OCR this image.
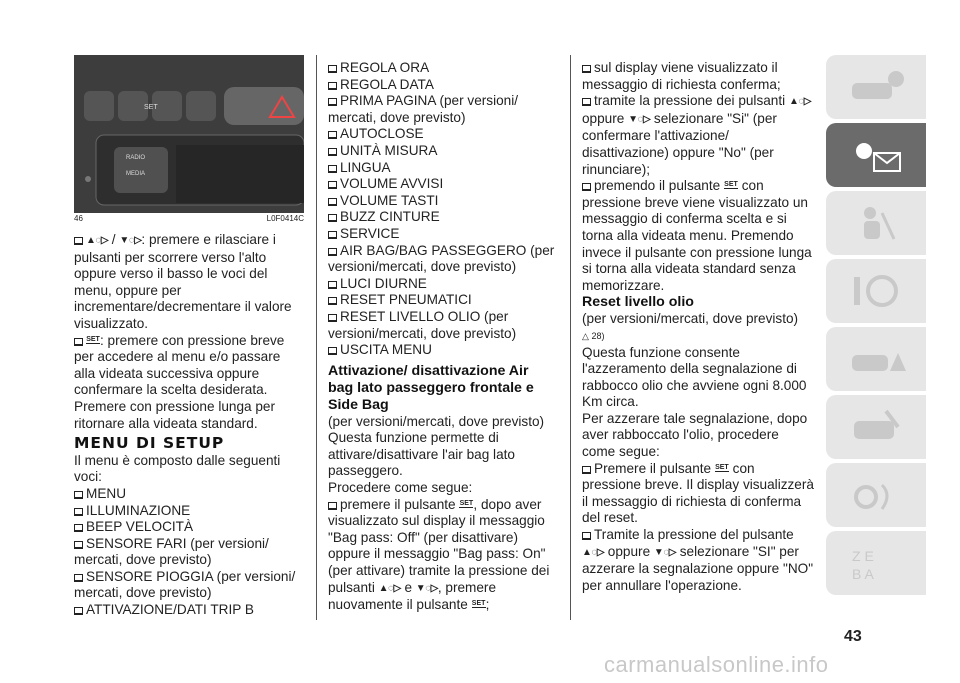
SET
RADIO
MEDIA
46	L0F0414C

▲◌▷ / ▼◌▷: premere e rilasciare i pulsanti per scorrere verso l'alto oppure verso il basso le voci del menu, oppure per incrementare/decrementare il valore visualizzato.

SET
: premere con pressione breve per accedere al menu e/o passare alla videata successiva oppure confermare la scelta desiderata. Premere con pressione lunga per ritornare alla videata standard.

MENU DI SETUP

Il menu è composto dalle seguenti voci:

MENU

ILLUMINAZIONE

BEEP VELOCITÀ

SENSORE FARI (per versioni/ mercati, dove previsto)

SENSORE PIOGGIA (per versioni/ mercati, dove previsto)

ATTIVAZIONE/DATI TRIP B

REGOLA ORA

REGOLA DATA

PRIMA PAGINA (per versioni/ mercati, dove previsto)

AUTOCLOSE

UNITÀ MISURA

LINGUA

VOLUME AVVISI

VOLUME TASTI

BUZZ CINTURE

SERVICE

AIR BAG/BAG PASSEGGERO (per versioni/mercati, dove previsto)

LUCI DIURNE

RESET PNEUMATICI

RESET LIVELLO OLIO (per versioni/mercati, dove previsto)

USCITA MENU

Attivazione/ disattivazione Air bag lato passeggero frontale e Side Bag

(per versioni/mercati, dove previsto)

Questa funzione permette di attivare/disattivare l'air bag lato passeggero.

Procedere come segue:

premere il pulsante SET
, dopo aver visualizzato sul display il messaggio "Bag pass: Off" (per disattivare) oppure il messaggio "Bag pass: On" (per attivare) tramite la pressione dei pulsanti ▲◌▷ e ▼◌▷, premere nuovamente il pulsante SET
;

sul display viene visualizzato il messaggio di richiesta conferma;

tramite la pressione dei pulsanti ▲◌▷ oppure ▼◌▷ selezionare "Si" (per confermare l'attivazione/ disattivazione) oppure "No" (per rinunciare);

premendo il pulsante SET
con pressione breve viene visualizzato un messaggio di conferma scelta e si torna alla videata menu. Premendo invece il pulsante con pressione lunga si torna alla videata standard senza memorizzare.

Reset livello olio

(per versioni/mercati, dove previsto)

△ 28)

Questa funzione consente l'azzeramento della segnalazione di rabbocco olio che avviene ogni 8.000 Km circa.

Per azzerare tale segnalazione, dopo aver rabboccato l'olio, procedere come segue:

Premere il pulsante SET
con pressione breve. Il display visualizzerà il messaggio di richiesta di conferma del reset.

Tramite la pressione del pulsante ▲◌▷ oppure ▼◌▷ selezionare "SI" per azzerare la segnalazione oppure "NO" per annullare l'operazione.

Z E
B A
43
carmanualsonline.info
